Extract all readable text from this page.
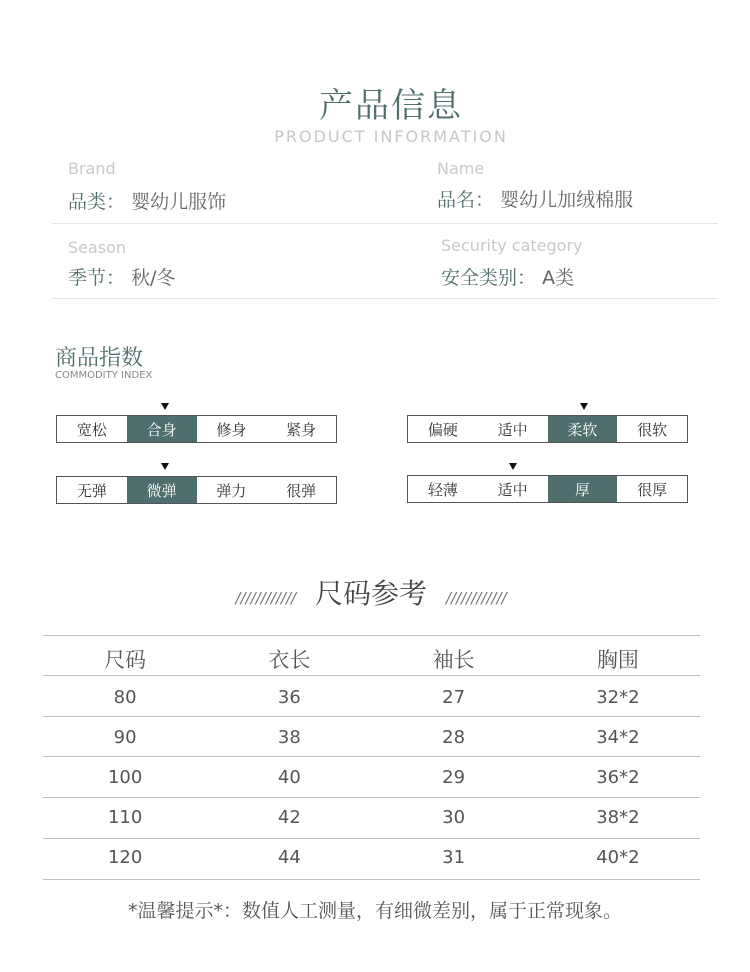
产品信息
PRODUCT INFORMATION
Brand
品类： 婴幼儿服饰
Name
品名： 婴幼儿加绒棉服
Season
季节： 秋/冬
Security category
安全类别： A类
商品指数
COMMODITY INDEX
宽松	合身	修身	紧身	偏硬	适中	柔软	很软
无弹	微弹	弹力	很弹	轻薄	适中	厚	很厚
//////////// 尺码参考 ////////////
尺码	衣长	袖长	胸围
80	36	27	32*2
90	38	28	34*2
100	40	29	36*2
110	42	30	38*2
120	44	31	40*2
*温馨提示*：数值人工测量，有细微差别，属于正常现象。
